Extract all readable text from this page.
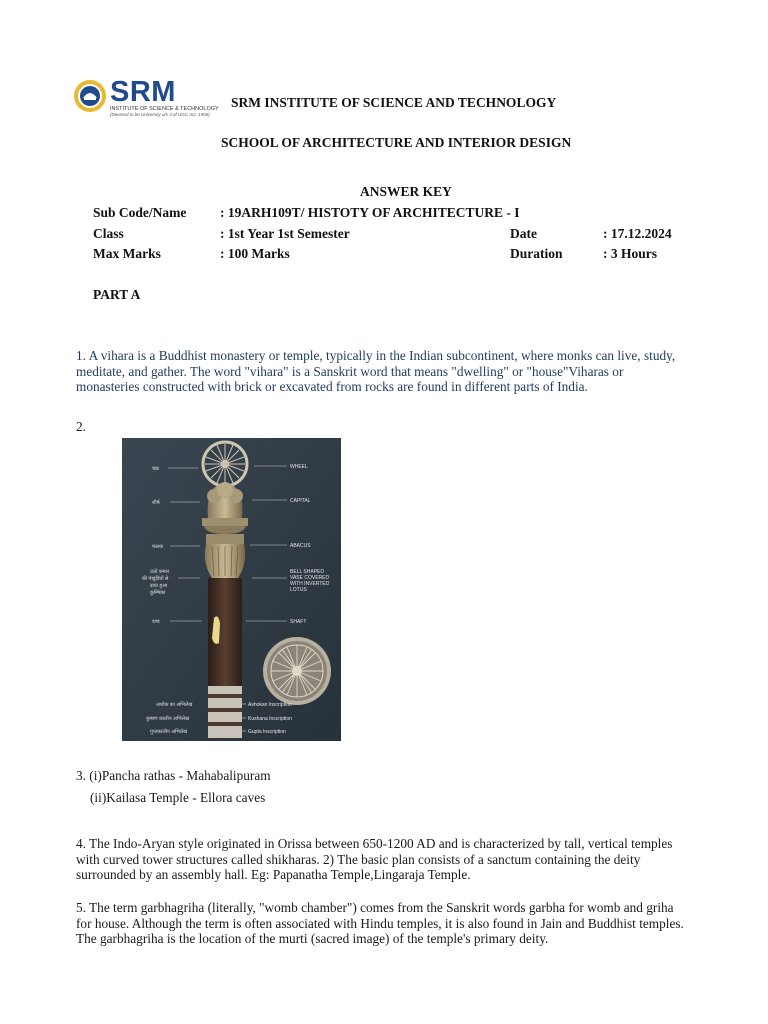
SRM
INSTITUTE OF SCIENCE & TECHNOLOGY
(Deemed to be University u/s 3 of UGC Act, 1956)
SRM INSTITUTE OF SCIENCE AND TECHNOLOGY
SCHOOL OF ARCHITECTURE AND INTERIOR DESIGN
ANSWER KEY
Sub Code/Name : 19ARH109T/ HISTOTY OF ARCHITECTURE - I
Class	: 1st Year 1st Semester	Date	: 17.12.2024
Max Marks	: 100 Marks	Duration	: 3 Hours
PART A
1. A vihara is a Buddhist monastery or temple, typically in the Indian subcontinent, where monks can live, study,
meditate, and gather. The word "vihara" is a Sanskrit word that means "dwelling" or "house"Viharas or
monasteries constructed with brick or excavated from rocks are found in different parts of India.
2.
WHEEL
CAPITAL
ABACUS
BELL SHAPED
VASE COVERED
WITH INVERTED
LOTUS
SHAFT
चक्र
शीर्ष
फलक
उल्टे कमल
की पंखुड़ियों से
ढका हुआ
कुम्भिका
दण्ड
Ashokan Inscription
Kushana Inscription
Gupta Inscription
अशोक का अभिलेख
कुषाण कालीन अभिलेख
गुप्तकालीन अभिलेख
3. (i)Pancha rathas - Mahabalipuram
(ii)Kailasa Temple - Ellora caves
4. The Indo-Aryan style originated in Orissa between 650-1200 AD and is characterized by tall, vertical temples
with curved tower structures called shikharas. 2) The basic plan consists of a sanctum containing the deity
surrounded by an assembly hall. Eg: Papanatha Temple,Lingaraja Temple.
5. The term garbhagriha (literally, "womb chamber") comes from the Sanskrit words garbha for womb and griha
for house. Although the term is often associated with Hindu temples, it is also found in Jain and Buddhist temples.
The garbhagriha is the location of the murti (sacred image) of the temple's primary deity.
